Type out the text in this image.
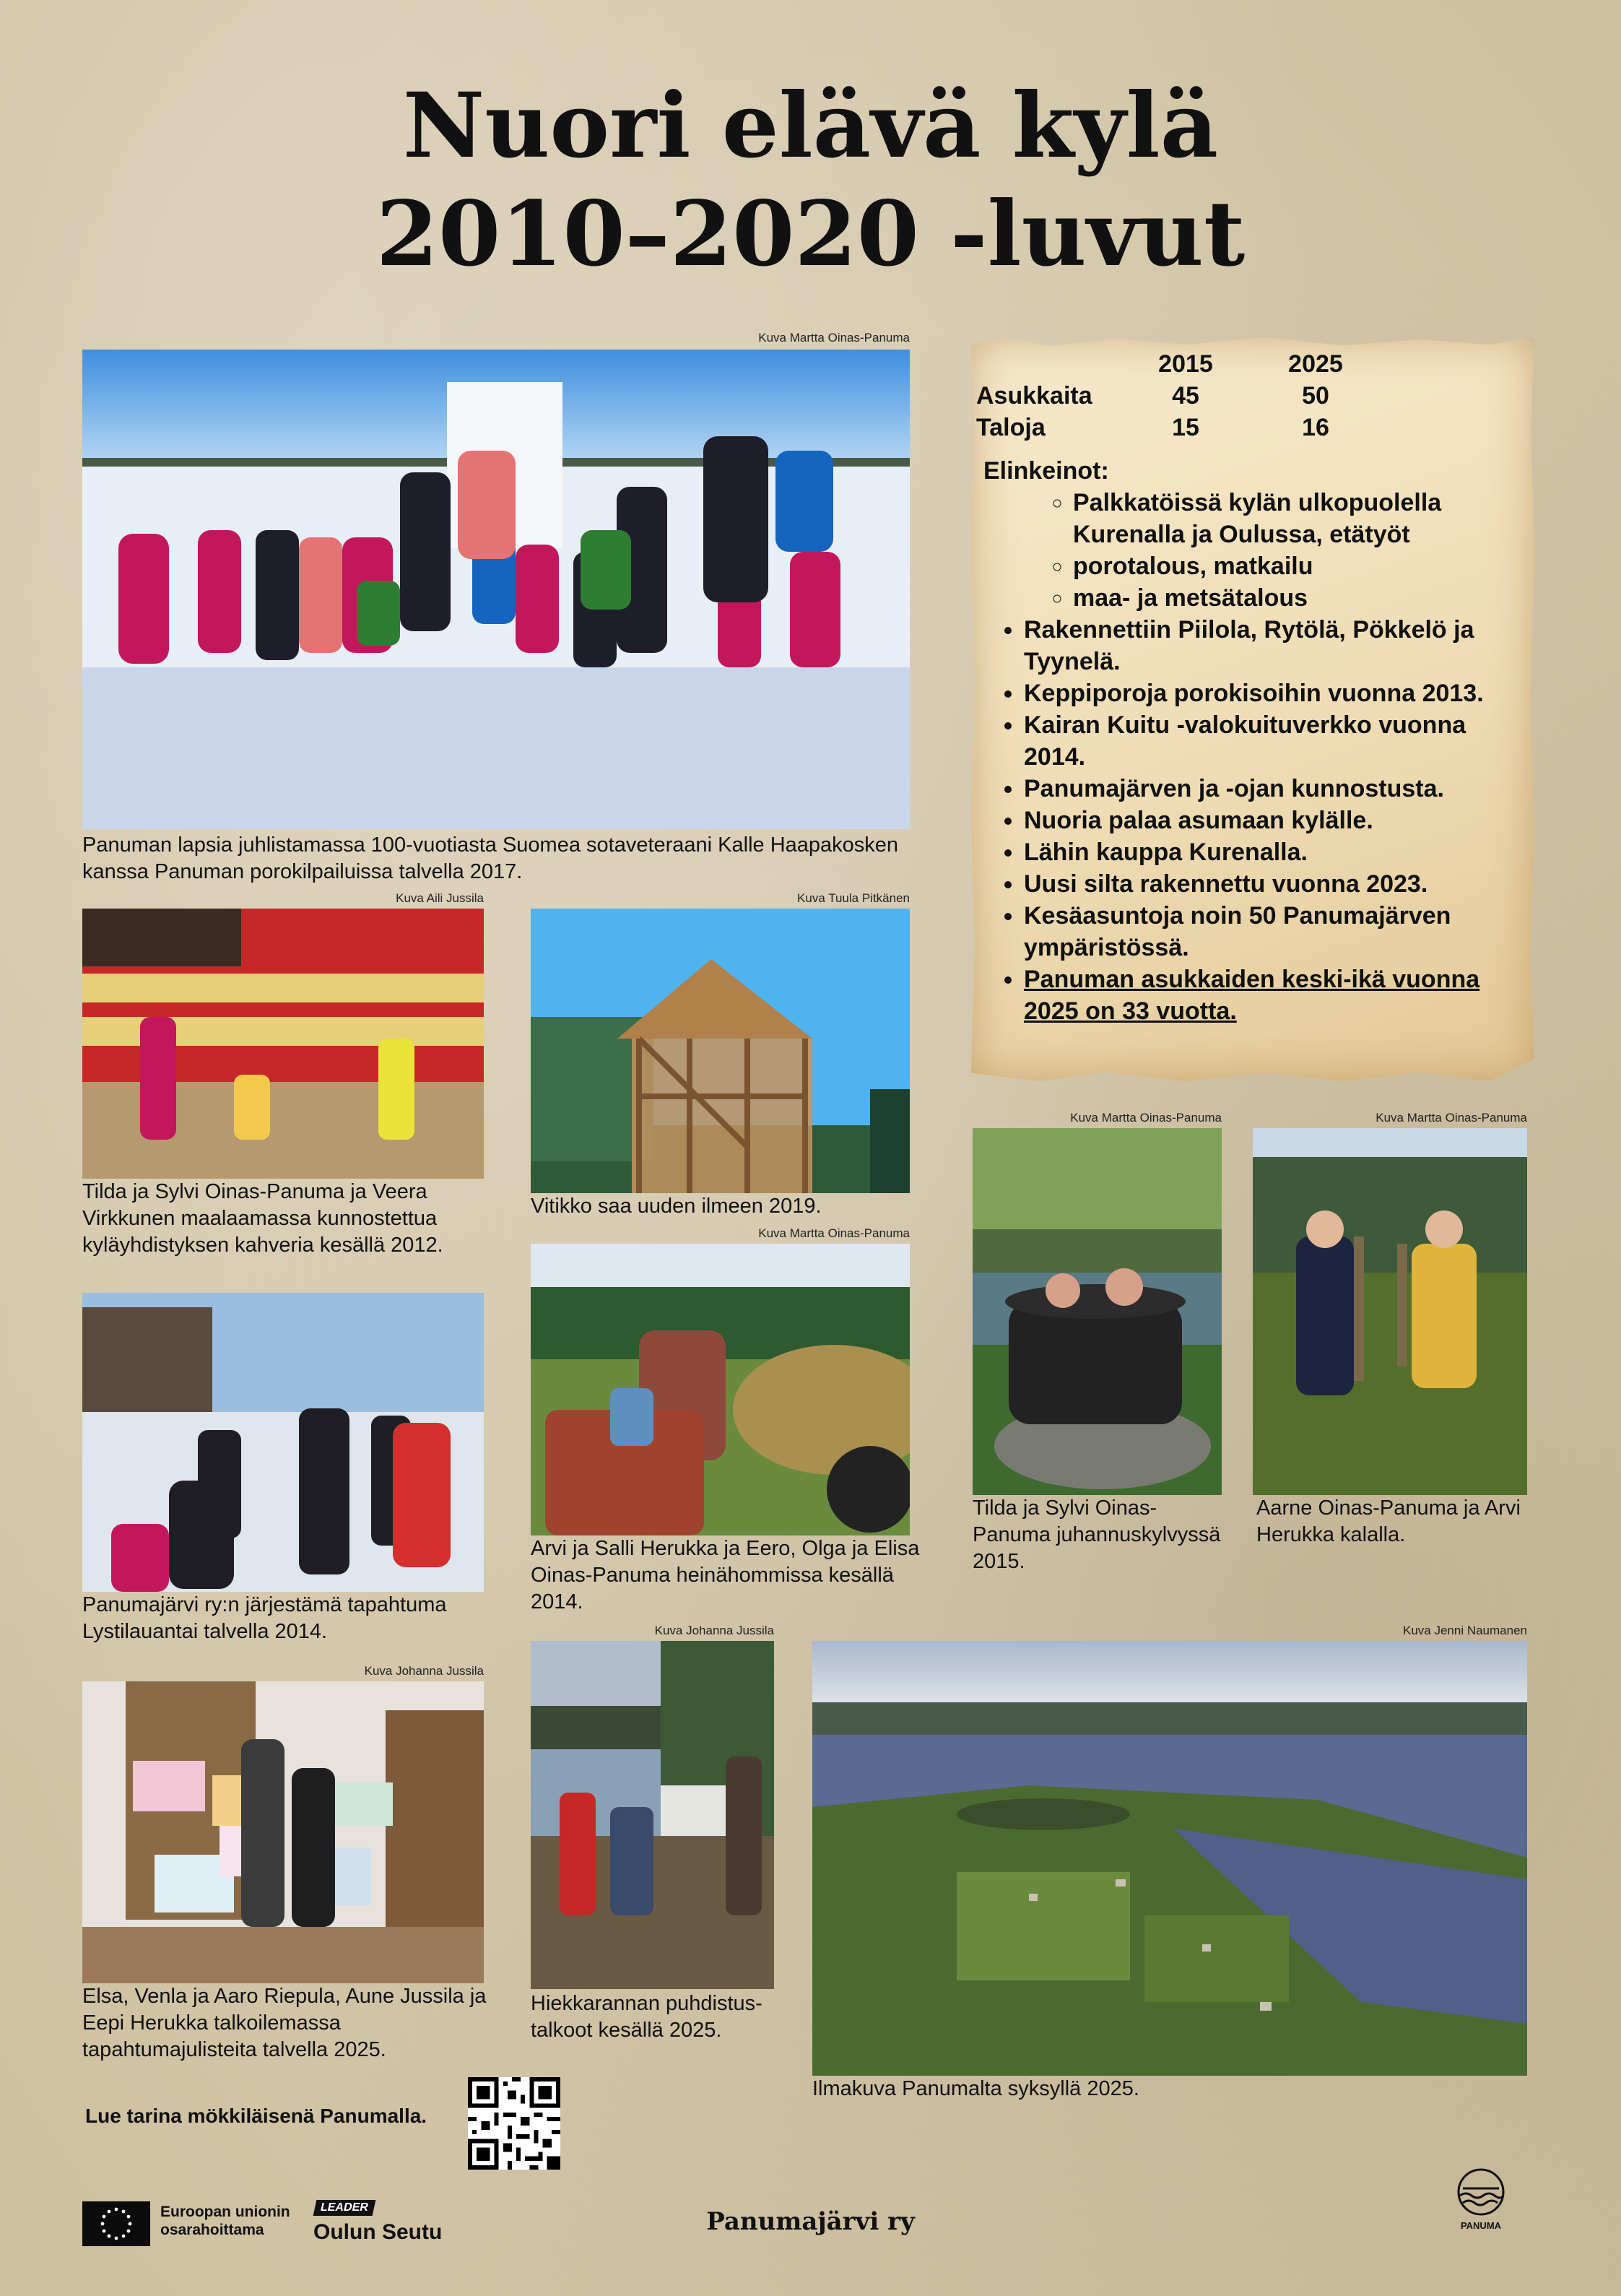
Nuori elävä kylä
2010–2020 -luvut
Kuva Martta Oinas-Panuma
Panuman lapsia juhlistamassa 100-vuotiasta Suomea sotaveteraani Kalle Haapakosken kanssa Panuman porokilpailuissa talvella 2017.
Kuva Aili Jussila
Tilda ja Sylvi Oinas-Panuma ja Veera Virkkunen maalaamassa kunnostettua kyläyhdistyksen kahveria kesällä 2012.
Kuva Tuula Pitkänen
Vitikko saa uuden ilmeen 2019.
Panumajärvi ry:n järjestämä tapahtuma Lystilauantai talvella 2014.
Kuva Martta Oinas-Panuma
Arvi ja Salli Herukka ja Eero, Olga ja Elisa Oinas-Panuma heinähommissa kesällä 2014.
Kuva Martta Oinas-Panuma
Tilda ja Sylvi Oinas-Panuma juhannuskylvyssä 2015.
Kuva Martta Oinas-Panuma
Aarne Oinas-Panuma ja Arvi Herukka kalalla.
Kuva Johanna Jussila
Elsa, Venla ja Aaro Riepula, Aune Jussila ja Eepi Herukka talkoilemassa tapahtumajulisteita talvella 2025.
Kuva Johanna Jussila
Hiekkarannan puhdistus-talkoot kesällä 2025.
Kuva Jenni Naumanen
Ilmakuva Panumalta syksyllä 2025.
	2015	2025
Asukkaita	45	50
Taloja	15	16
Elinkeinot:
◦ Palkkatöissä kylän ulkopuolella Kurenalla ja Oulussa, etätyöt
◦ porotalous, matkailu
◦ maa- ja metsätalous
• Rakennettiin Piilola, Rytölä, Pökkelö ja Tyynelä.
• Keppiporoja porokisoihin vuonna 2013.
• Kairan Kuitu -valokuituverkko vuonna 2014.
• Panumajärven ja -ojan kunnostusta.
• Nuoria palaa asumaan kylälle.
• Lähin kauppa Kurenalla.
• Uusi silta rakennettu vuonna 2023.
• Kesäasuntoja noin 50 Panumajärven ympäristössä.
• Panuman asukkaiden keski-ikä vuonna 2025 on 33 vuotta.
Lue tarina mökkiläisenä Panumalla.
Euroopan unionin
osarahoittama
LEADER
Oulun Seutu	Panumajärvi ry	PANUMA
